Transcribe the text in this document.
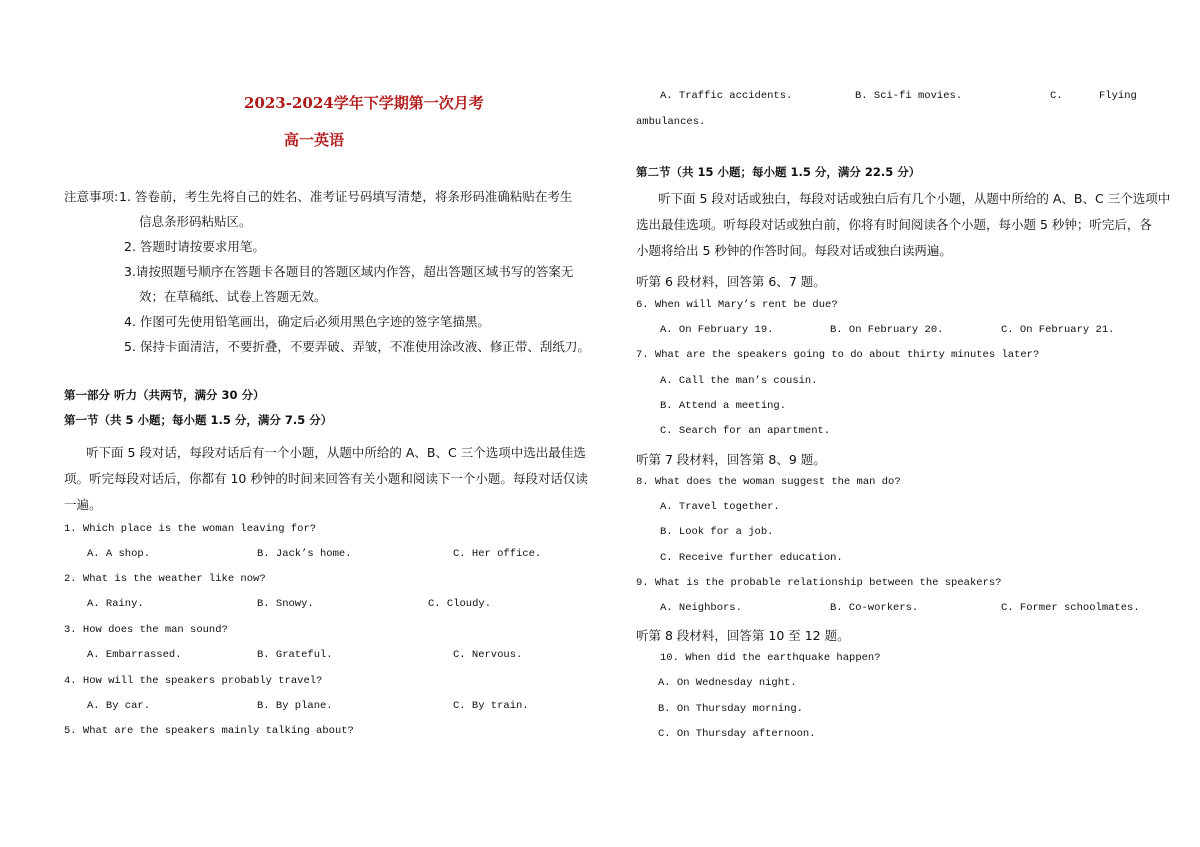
2023-2024学年下学期第一次月考
高一英语
注意事项: 1. 答卷前，考生先将自己的姓名、准考证号码填写清楚，将条形码准确粘贴在考生
信息条形码粘贴区。
2. 答题时请按要求用笔。
3.请按照题号顺序在答题卡各题目的答题区域内作答，超出答题区域书写的答案无
效；在草稿纸、试卷上答题无效。
4. 作图可先使用铅笔画出，确定后必须用黑色字迹的签字笔描黑。
5. 保持卡面清洁，不要折叠，不要弄破、弄皱，不准使用涂改液、修正带、刮纸刀。
第一部分 听力（共两节，满分 30 分）
第一节（共 5 小题；每小题 1.5 分，满分 7.5 分）
听下面 5 段对话，每段对话后有一个小题，从题中所给的 A、B、C 三个选项中选出最佳选
项。听完每段对话后，你都有 10 秒钟的时间来回答有关小题和阅读下一个小题。每段对话仅读
一遍。
1. Which place is the woman leaving for?
A. A shop.	B. Jack’s home.	C. Her office.
2. What is the weather like now?
A. Rainy.	B. Snowy.	C. Cloudy.
3. How does the man sound?
A. Embarrassed.	B. Grateful.	C. Nervous.
4. How will the speakers probably travel?
A. By car.	B. By plane.	C. By train.
5. What are the speakers mainly talking about?
A. Traffic accidents.	B. Sci-fi movies.	C.	Flying
ambulances.
第二节（共 15 小题；每小题 1.5 分，满分 22.5 分）
听下面 5 段对话或独白，每段对话或独白后有几个小题，从题中所给的 A、B、C 三个选项中
选出最佳选项。听每段对话或独白前，你将有时间阅读各个小题，每小题 5 秒钟；听完后，各
小题将给出 5 秒钟的作答时间。每段对话或独白读两遍。
听第 6 段材料，回答第 6、7 题。
6. When will Mary’s rent be due?
A. On February 19.	B. On February 20.	C. On February 21.
7. What are the speakers going to do about thirty minutes later?
A. Call the man’s cousin.
B. Attend a meeting.
C. Search for an apartment.
听第 7 段材料，回答第 8、9 题。
8. What does the woman suggest the man do?
A. Travel together.
B. Look for a job.
C. Receive further education.
9. What is the probable relationship between the speakers?
A. Neighbors.	B. Co-workers.	C. Former schoolmates.
听第 8 段材料，回答第 10 至 12 题。
10. When did the earthquake happen?
A. On Wednesday night.
B. On Thursday morning.
C. On Thursday afternoon.
